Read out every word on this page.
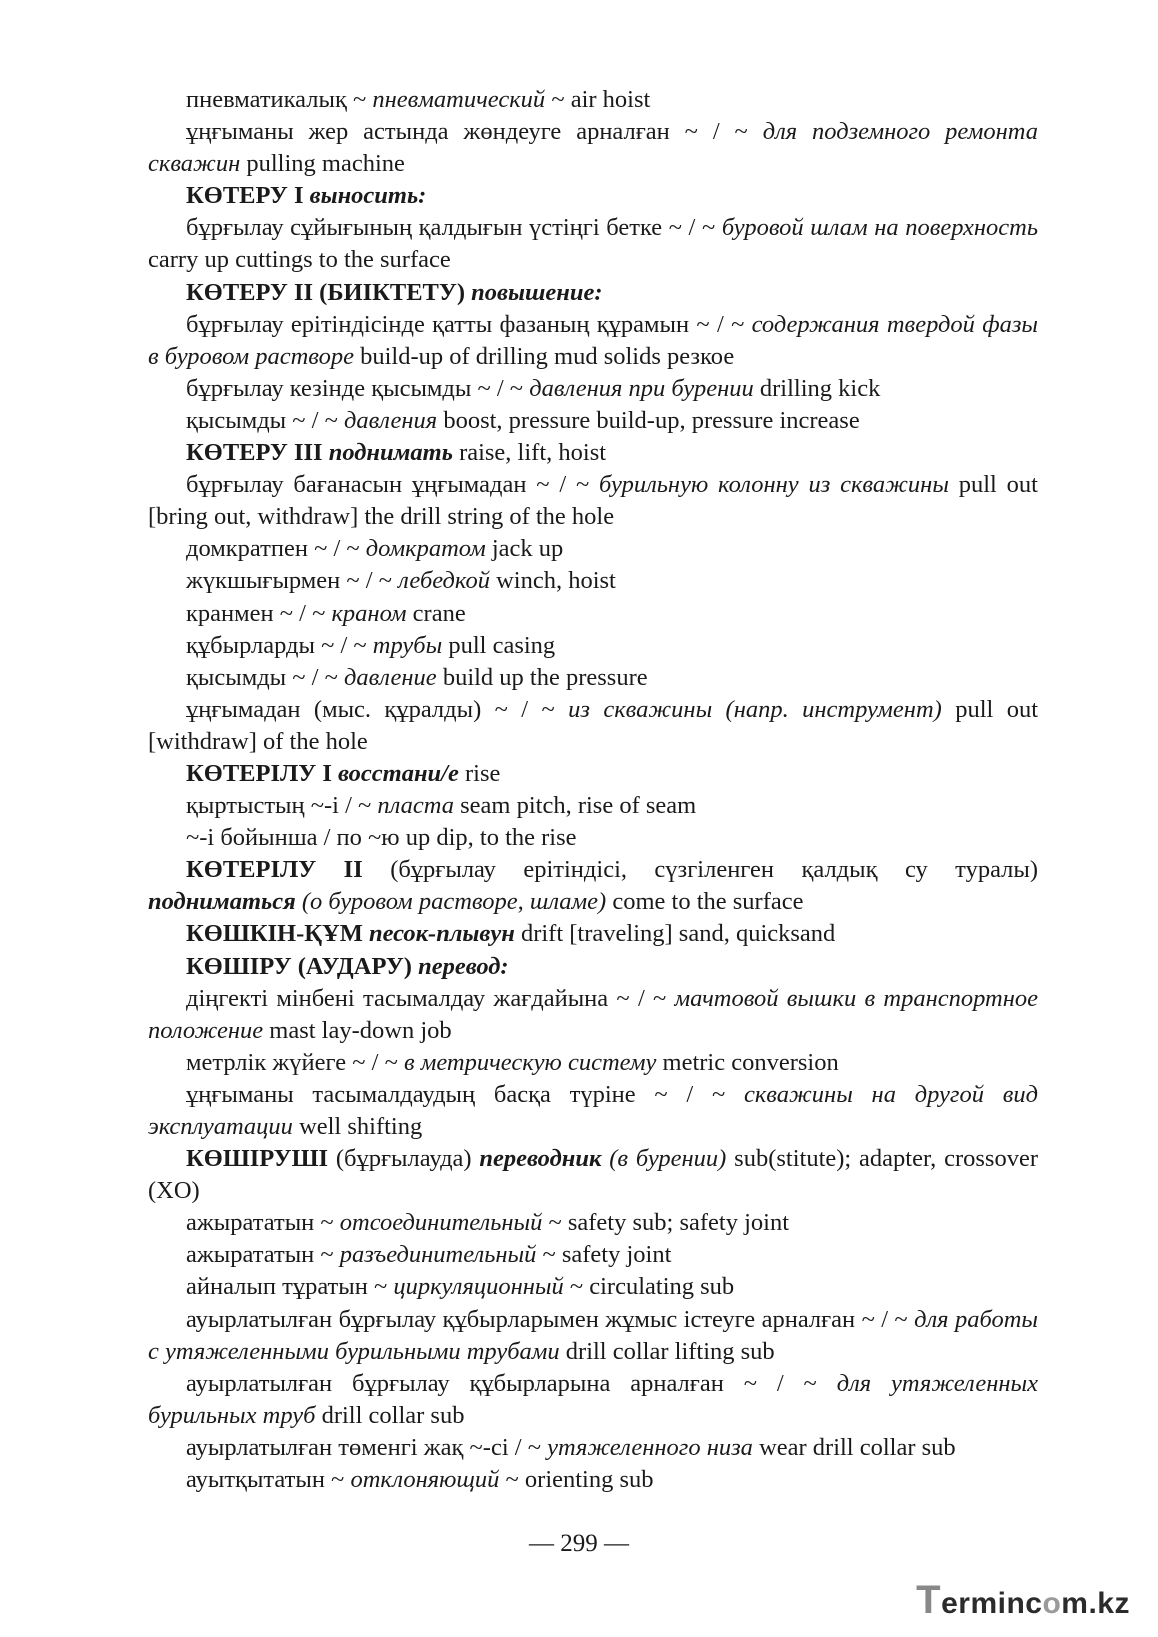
пневматикалық ~ пневматический ~ air hoist

ұңғыманы жер астында жөндеуге арналған ~ / ~ для подземного ремонта скважин pulling machine

КӨТЕРУ I выносить:

бұрғылау сұйығының қалдығын үстіңгі бетке ~ / ~ буровой шлам на поверхность carry up cuttings to the surface

КӨТЕРУ II (БИІКТЕТУ) повышение:

бұрғылау ерітіндісінде қатты фазаның құрамын ~ / ~ содержания твердой фазы в буровом растворе build-up of drilling mud solids резкое

бұрғылау кезінде қысымды ~ / ~ давления при бурении drilling kick

қысымды ~ / ~ давления boost, pressure build-up, pressure increase

КӨТЕРУ III поднимать raise, lift, hoist

бұрғылау бағанасын ұңғымадан ~ / ~ бурильную колонну из скважины pull out [bring out, withdraw] the drill string of the hole

домкратпен ~ / ~ домкратом jack up

жүкшығырмен ~ / ~ лебедкой winch, hoist

кранмен ~ / ~ краном crane

құбырларды ~ / ~ трубы pull casing

қысымды ~ / ~ давление build up the pressure

ұңғымадан (мыс. құралды) ~ / ~ из скважины (напр. инструмент) pull out [withdraw] of the hole

КӨТЕРІЛУ I восстани/е rise

қыртыстың ~-і / ~ пласта seam pitch, rise of seam

~-і бойынша / по ~ю up dip, to the rise

КӨТЕРІЛУ II (бұрғылау ерітіндісі, сүзгіленген қалдық су туралы) подниматься (о буровом растворе, шламе) come to the surface

КӨШКІН-ҚҰМ песок-плывун drift [traveling] sand, quicksand

КӨШІРУ (АУДАРУ) перевод:

діңгекті мінбені тасымалдау жағдайына ~ / ~ мачтовой вышки в транспортное положение mast lay-down job

метрлік жүйеге ~ / ~ в метрическую систему metric conversion

ұңғыманы тасымалдаудың басқа түріне ~ / ~ скважины на другой вид эксплуатации well shifting

КӨШІРУШІ (бұрғылауда) переводник (в бурении) sub(stitute); adapter, crossover (XO)

ажырататын ~ отсоединительный ~ safety sub; safety joint

ажырататын ~ разъединительный ~ safety joint

айналып тұратын ~ циркуляционный ~ circulating sub

ауырлатылған бұрғылау құбырларымен жұмыс істеуге арналған ~ / ~ для работы с утяжеленными бурильными трубами drill collar lifting sub

ауырлатылған бұрғылау құбырларына арналған ~ / ~ для утяжеленных бурильных труб drill collar sub

ауырлатылған төменгі жақ ~-сі / ~ утяжеленного низа wear drill collar sub

ауытқытатын ~ отклоняющий ~ orienting sub

— 299 —
Termincom.kz
